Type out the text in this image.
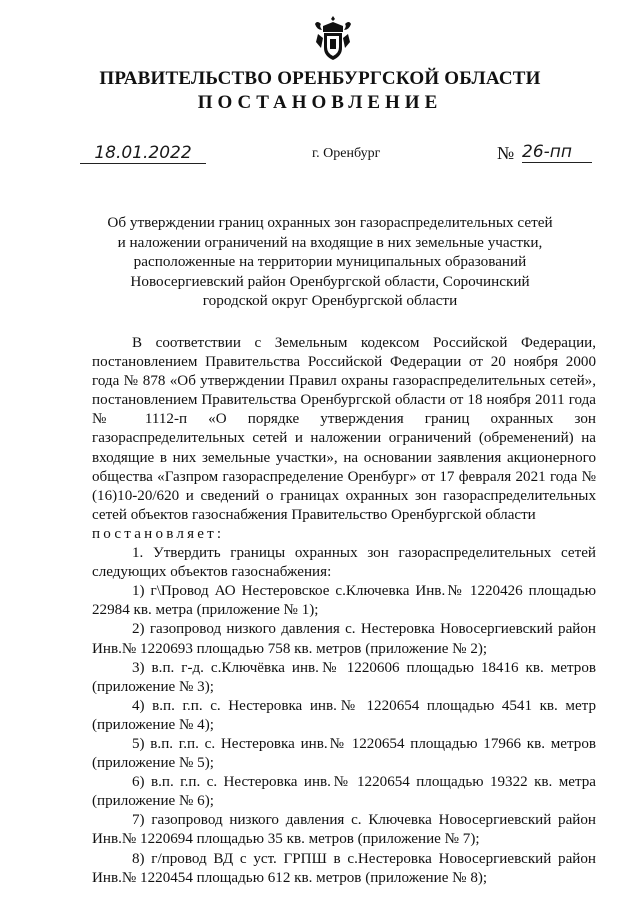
ПРАВИТЕЛЬСТВО ОРЕНБУРГСКОЙ ОБЛАСТИ
ПОСТАНОВЛЕНИЕ
18.01.2022	г. Оренбург	№ 26-пп
Об утверждении границ охранных зон газораспределительных сетей
и наложении ограничений на входящие в них земельные участки,
расположенные на территории муниципальных образований
Новосергиевский район Оренбургской области, Сорочинский
городской округ Оренбургской области

В соответствии с Земельным кодексом Российской Федерации, постановлением Правительства Российской Федерации от 20 ноября 2000 года № 878 «Об утверждении Правил охраны газораспределительных сетей», постановлением Правительства Оренбургской области от 18 ноября 2011 года № 1112-п «О порядке утверждения границ охранных зон газораспределительных сетей и наложении ограничений (обременений) на входящие в них земельные участки», на основании заявления акционерного общества «Газпром газораспределение Оренбург» от 17 февраля 2021 года № (16)10-20/620 и сведений о границах охранных зон газораспределительных сетей объектов газоснабжения Правительство Оренбургской области

постановляет:

1. Утвердить границы охранных зон газораспределительных сетей следующих объектов газоснабжения:

1) г\Провод АО Нестеровское с.Ключевка Инв.№ 1220426 площадью 22984 кв. метра (приложение № 1);

2) газопровод низкого давления с. Нестеровка Новосергиевский район Инв.№ 1220693 площадью 758 кв. метров (приложение № 2);

3) в.п. г-д. с.Ключёвка инв.№ 1220606 площадью 18416 кв. метров (приложение № 3);

4) в.п. г.п. с. Нестеровка инв.№ 1220654 площадью 4541 кв. метр (приложение № 4);

5) в.п. г.п. с. Нестеровка инв.№ 1220654 площадью 17966 кв. метров (приложение № 5);

6) в.п. г.п. с. Нестеровка инв.№ 1220654 площадью 19322 кв. метра (приложение № 6);

7) газопровод низкого давления с. Ключевка Новосергиевский район Инв.№ 1220694 площадью 35 кв. метров (приложение № 7);

8) г/провод ВД с уст. ГРПШ в с.Нестеровка Новосергиевский район Инв.№ 1220454 площадью 612 кв. метров (приложение № 8);
